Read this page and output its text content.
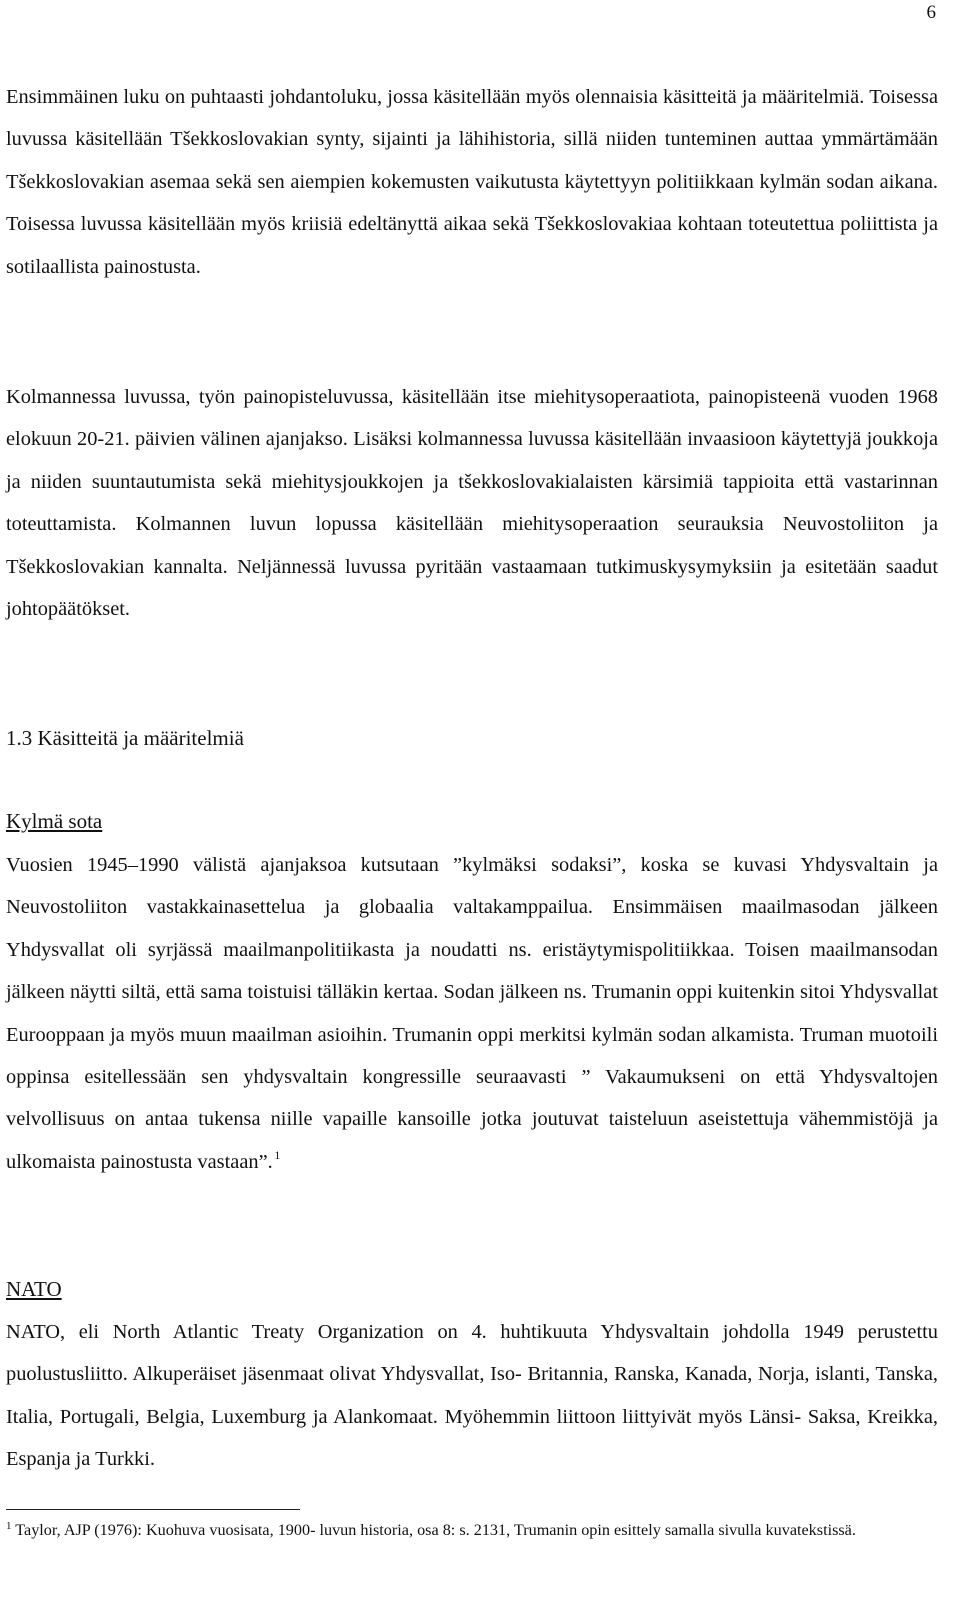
6

Ensimmäinen luku on puhtaasti johdantoluku, jossa käsitellään myös olennaisia käsitteitä ja määritelmiä. Toisessa luvussa käsitellään Tšekkoslovakian synty, sijainti ja lähihistoria, sillä niiden tunteminen auttaa ymmärtämään Tšekkoslovakian asemaa sekä sen aiempien kokemusten vaikutusta käytettyyn politiikkaan kylmän sodan aikana. Toisessa luvussa käsitellään myös kriisiä edeltänyttä aikaa sekä Tšekkoslovakiaa kohtaan toteutettua poliittista ja sotilaallista painostusta.

Kolmannessa luvussa, työn painopisteluvussa, käsitellään itse miehitysoperaatiota, painopisteenä vuoden 1968 elokuun 20-21. päivien välinen ajanjakso. Lisäksi kolmannessa luvussa käsitellään invaasioon käytettyjä joukkoja ja niiden suuntautumista sekä miehitysjoukkojen ja tšekkoslovakialaisten kärsimiä tappioita että vastarinnan toteuttamista. Kolmannen luvun lopussa käsitellään miehitysoperaation seurauksia Neuvostoliiton ja Tšekkoslovakian kannalta. Neljännessä luvussa pyritään vastaamaan tutkimuskysymyksiin ja esitetään saadut johtopäätökset.

1.3 Käsitteitä ja määritelmiä
Kylmä sota

Vuosien 1945–1990 välistä ajanjaksoa kutsutaan ”kylmäksi sodaksi”, koska se kuvasi Yhdysvaltain ja Neuvostoliiton vastakkainasettelua ja globaalia valtakamppailua. Ensimmäisen maailmasodan jälkeen Yhdysvallat oli syrjässä maailmanpolitiikasta ja noudatti ns. eristäytymispolitiikkaa. Toisen maailmansodan jälkeen näytti siltä, että sama toistuisi tälläkin kertaa. Sodan jälkeen ns. Trumanin oppi kuitenkin sitoi Yhdysvallat Eurooppaan ja myös muun maailman asioihin. Trumanin oppi merkitsi kylmän sodan alkamista. Truman muotoili oppinsa esitellessään sen yhdysvaltain kongressille seuraavasti ” Vakaumukseni on että Yhdysvaltojen velvollisuus on antaa tukensa niille vapaille kansoille jotka joutuvat taisteluun aseistettuja vähemmistöjä ja ulkomaista painostusta vastaan”.  $^1$

NATO

NATO, eli North Atlantic Treaty Organization on 4. huhtikuuta Yhdysvaltain johdolla 1949 perustettu puolustusliitto. Alkuperäiset jäsenmaat olivat Yhdysvallat, Iso- Britannia, Ranska, Kanada, Norja, islanti, Tanska, Italia, Portugali, Belgia, Luxemburg ja Alankomaat. Myöhemmin liittoon liittyivät myös Länsi- Saksa, Kreikka, Espanja ja Turkki.

$^1$ Taylor, AJP (1976): Kuohuva vuosisata, 1900- luvun historia, osa 8: s. 2131, Trumanin opin esittely samalla sivulla kuvatekstissä.
